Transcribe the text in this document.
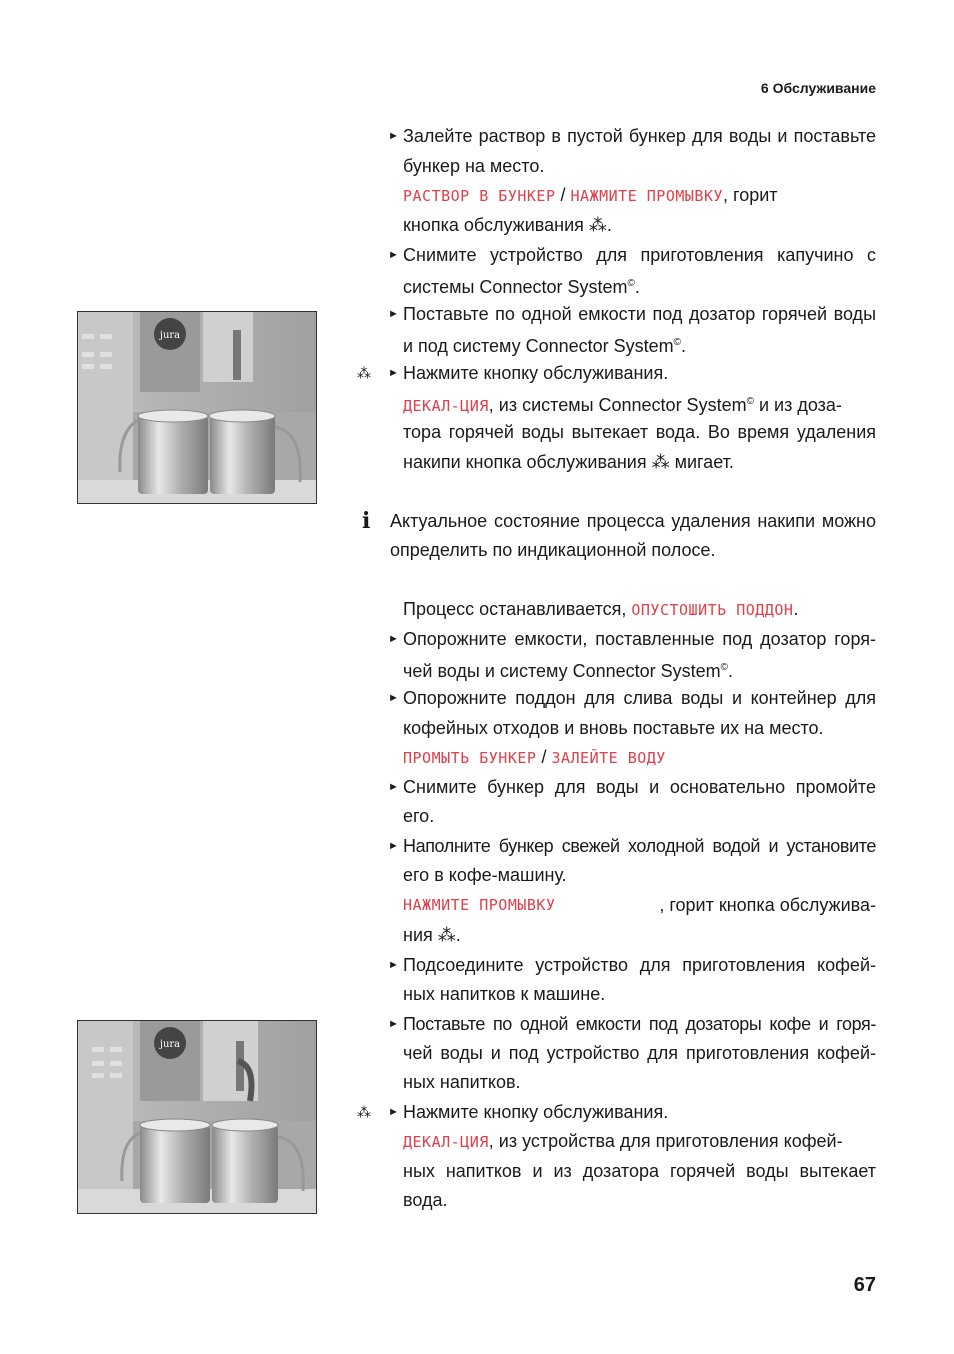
6 Обслуживание
jura
jura
► Залейте раствор в пустой бункер для воды и поставьте
бункер на место.
РАСТВОР В БУНКЕР / НАЖМИТЕ ПРОМЫВКУ, горит
кнопка обслуживания ⁂.
► Снимите устройство для приготовления капучино с
системы Connector System©.
► Поставьте по одной емкости под дозатор горячей воды
и под систему Connector System©.
⁂ ► Нажмите кнопку обслуживания.
ДЕКАЛ-ЦИЯ, из системы Connector System© и из доза-
тора горячей воды вытекает вода. Во время удаления
накипи кнопка обслуживания ⁂ мигает.
i Актуальное состояние процесса удаления накипи можно
определить по индикационной полосе.
Процесс останавливается, ОПУСТОШИТЬ ПОДДОН.
► Опорожните емкости, поставленные под дозатор горя-
чей воды и систему Connector System©.
► Опорожните поддон для слива воды и контейнер для
кофейных отходов и вновь поставьте их на место.
ПРОМЫТЬ БУНКЕР / ЗАЛЕЙТЕ ВОДУ
► Снимите бункер для воды и основательно промойте
его.
► Наполните бункер свежей холодной водой и установите
его в кофе-машину.
НАЖМИТЕ ПРОМЫВКУ	, горит кнопка обслужива-
ния ⁂.
► Подсоедините устройство для приготовления кофей-
ных напитков к машине.
► Поставьте по одной емкости под дозаторы кофе и горя-
чей воды и под устройство для приготовления кофей-
ных напитков.
⁂ ► Нажмите кнопку обслуживания.
ДЕКАЛ-ЦИЯ, из устройства для приготовления кофей-
ных напитков и из дозатора горячей воды вытекает
вода.
67
